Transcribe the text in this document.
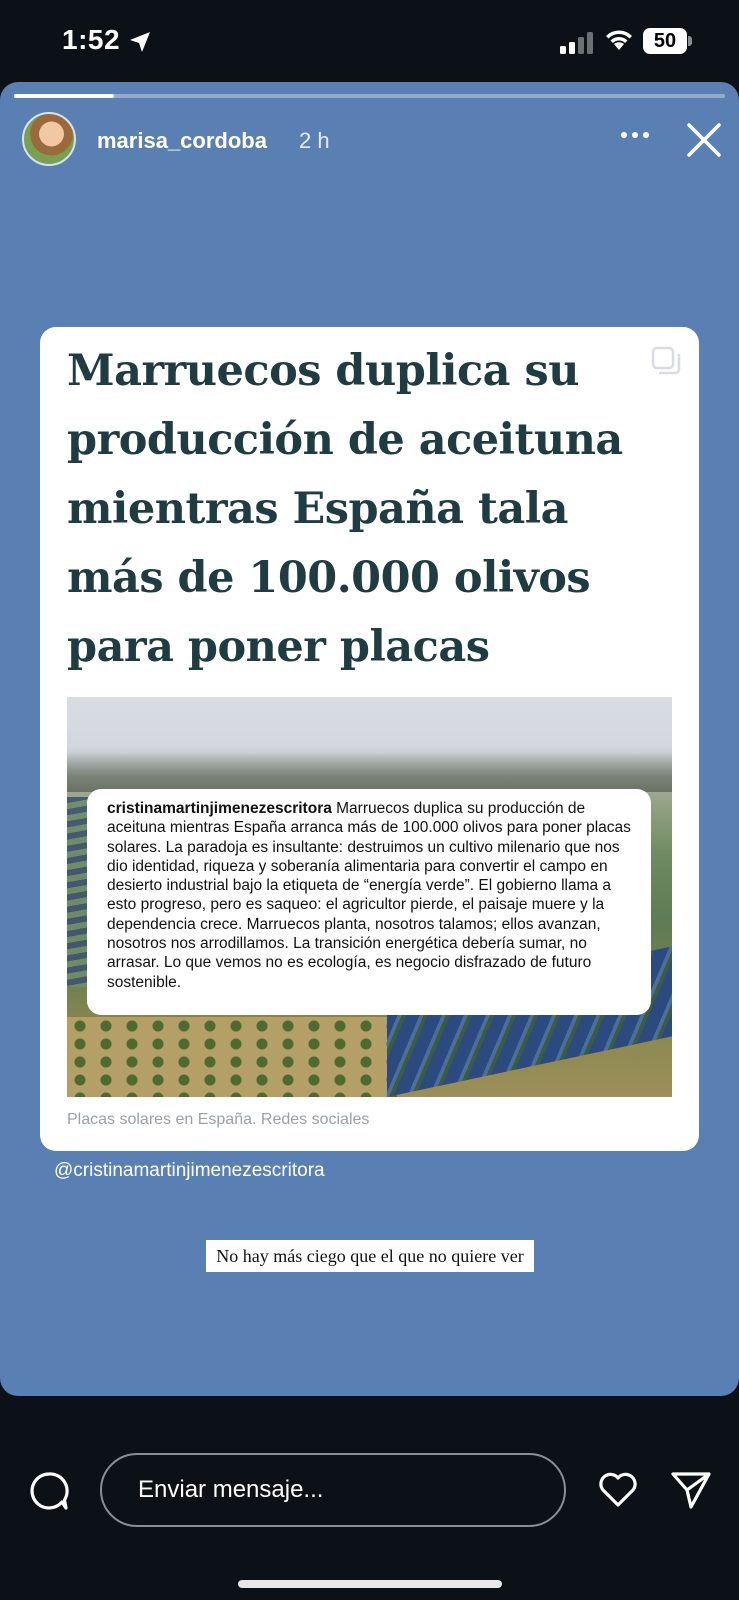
1:52	50
marisa_cordoba 2 h
Marruecos duplica su producción de aceituna mientras España tala más de 100.000 olivos para poner placas
cristinamartinjimenezescritora Marruecos duplica su producción de aceituna mientras España arranca más de 100.000 olivos para poner placas solares. La paradoja es insultante: destruimos un cultivo milenario que nos dio identidad, riqueza y soberanía alimentaria para convertir el campo en desierto industrial bajo la etiqueta de “energía verde”. El gobierno llama a esto progreso, pero es saqueo: el agricultor pierde, el paisaje muere y la dependencia crece. Marruecos planta, nosotros talamos; ellos avanzan, nosotros nos arrodillamos. La transición energética debería sumar, no arrasar. Lo que vemos no es ecología, es negocio disfrazado de futuro sostenible.
Placas solares en España. Redes sociales
@cristinamartinjimenezescritora
No hay más ciego que el que no quiere ver
Enviar mensaje...
